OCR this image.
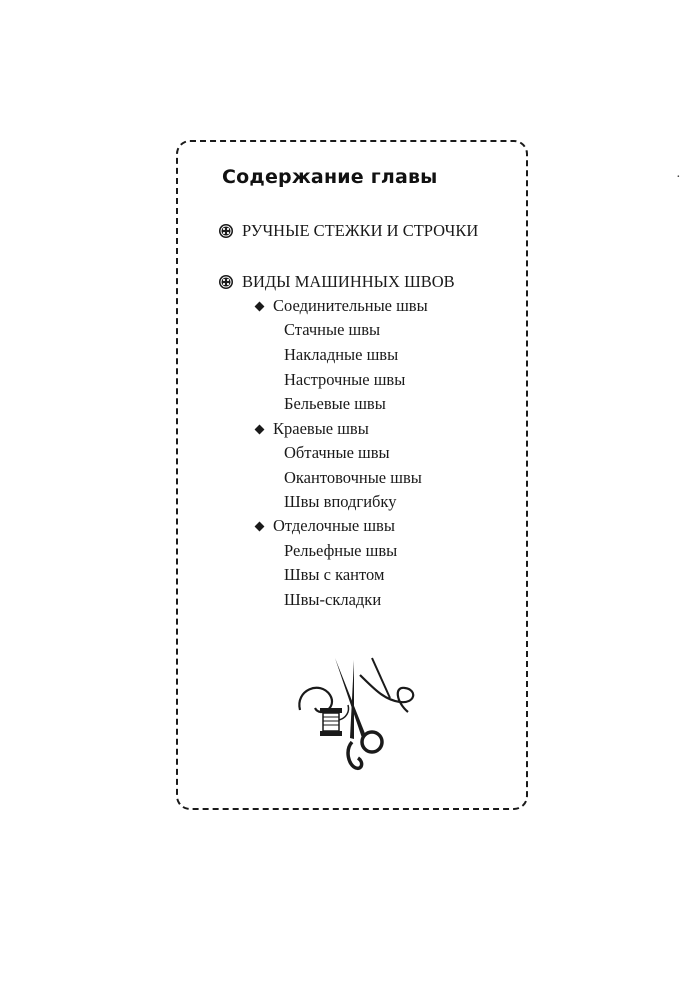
Содержание главы
РУЧНЫЕ СТЕЖКИ И СТРОЧКИ
ВИДЫ МАШИННЫХ ШВОВ
Соединительные швы
Стачные швы
Накладные швы
Настрочные швы
Бельевые швы
Краевые швы
Обтачные швы
Окантовочные швы
Швы вподгибку
Отделочные швы
Рельефные швы
Швы с кантом
Швы-складки
·
